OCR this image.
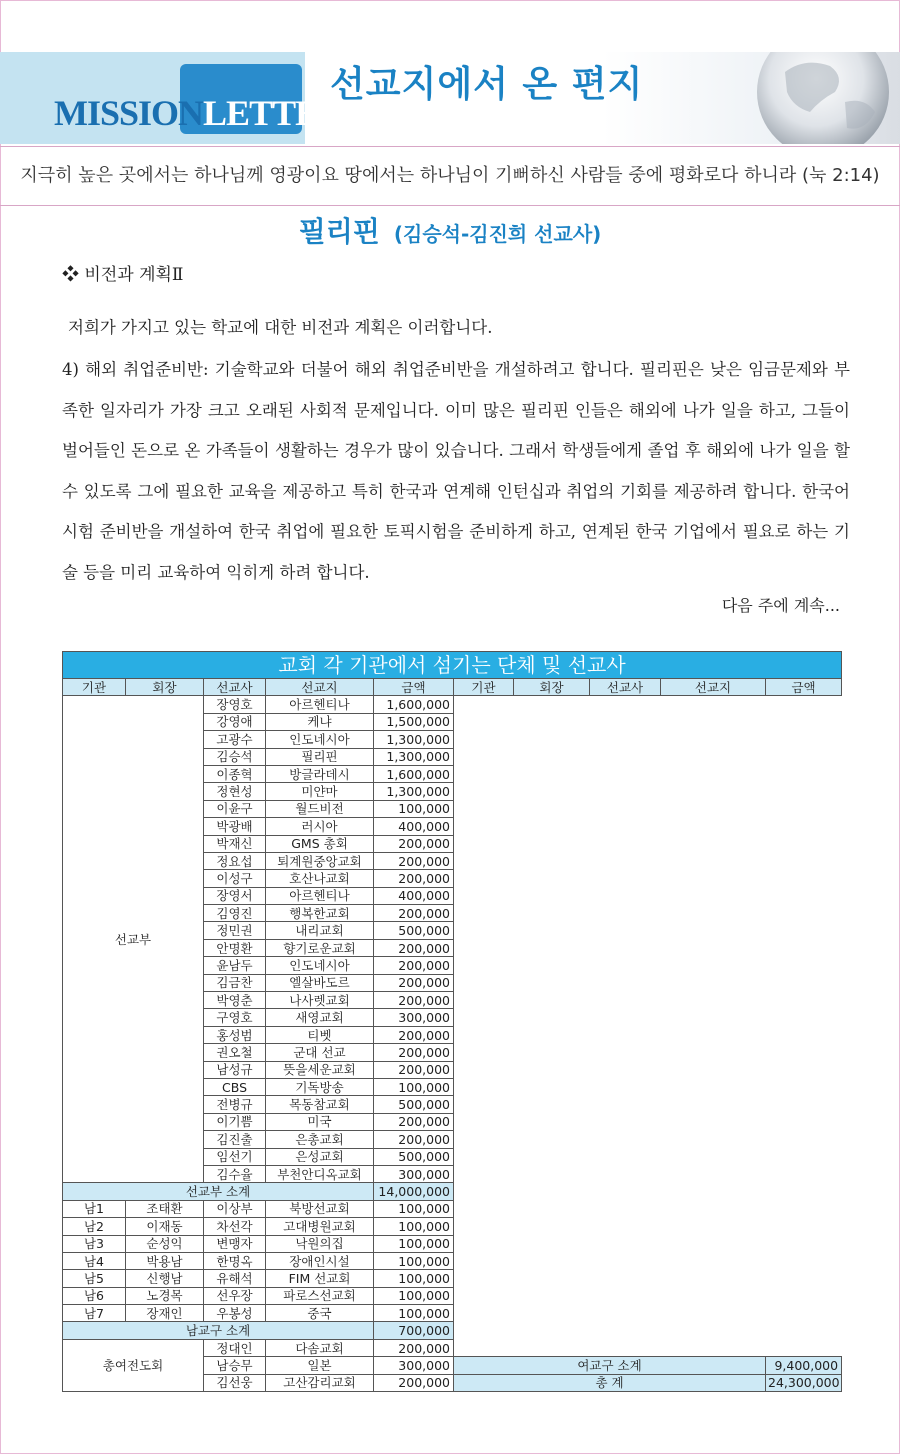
MISSIONLETTER
선교지에서 온 편지
지극히 높은 곳에서는 하나님께 영광이요 땅에서는 하나님이 기뻐하신 사람들 중에 평화로다 하니라 (눅 2:14)
필리핀 (김승석-김진희 선교사)
❖ 비전과 계획Ⅱ
저희가 가지고 있는 학교에 대한 비전과 계획은 이러합니다.
4) 해외 취업준비반: 기술학교와 더불어 해외 취업준비반을 개설하려고 합니다. 필리핀은 낮은 임금문제와 부족한 일자리가 가장 크고 오래된 사회적 문제입니다. 이미 많은 필리핀 인들은 해외에 나가 일을 하고, 그들이 벌어들인 돈으로 온 가족들이 생활하는 경우가 많이 있습니다. 그래서 학생들에게 졸업 후 해외에 나가 일을 할 수 있도록 그에 필요한 교육을 제공하고 특히 한국과 연계해 인턴십과 취업의 기회를 제공하려 합니다. 한국어 시험 준비반을 개설하여 한국 취업에 필요한 토픽시험을 준비하게 하고, 연계된 한국 기업에서 필요로 하는 기술 등을 미리 교육하여 익히게 하려 합니다.
다음 주에 계속...
교회 각 기관에서 섬기는 단체 및 선교사									
기관	회장	선교사	선교지	금액	기관	회장	선교사	선교지	금액
선교부		장영호	아르헨티나	1,600,000					
		강영애	케냐	1,500,000					
		고광수	인도네시아	1,300,000					
		김승석	필리핀	1,300,000					
		이종혁	방글라데시	1,600,000					
		정현성	미얀마	1,300,000					
		이윤구	월드비전	100,000					
		박광배	러시아	400,000					
		박재신	GMS 총회	200,000					
		정요섭	퇴계원중앙교회	200,000					
		이성구	호산나교회	200,000					
		장영서	아르헨티나	400,000					
		김영진	행복한교회	200,000					
		정민권	내리교회	500,000					
		안명환	향기로운교회	200,000					
		윤남두	인도네시아	200,000					
		김금찬	엘살바도르	200,000					
		박영춘	나사렛교회	200,000					
		구영호	새영교회	300,000					
		홍성범	티벳	200,000					
		권오철	군대 선교	200,000					
		남성규	뜻을세운교회	200,000					
		CBS	기독방송	100,000					
		전병규	목동참교회	500,000					
		이기쁨	미국	200,000					
		김진출	은총교회	200,000					
		임선기	은성교회	500,000					
		김수율	부천안디옥교회	300,000					
선교부 소계				14,000,000					
남1	조태환	이상부	북방선교회	100,000					
남2	이재동	차선각	고대병원교회	100,000					
남3	순성익	변맹자	낙원의집	100,000					
남4	박용남	한명옥	장애인시설	100,000					
남5	신행남	유해석	FIM 선교회	100,000					
남6	노경목	선우장	파로스선교회	100,000					
남7	장재인	우봉성	중국	100,000					
남교구 소계				700,000					
총여전도회		정대인	다솜교회	200,000					
		남승무	일본	300,000	여교구 소계				9,400,000
		김선웅	고산감리교회	200,000	총 계				24,300,000
